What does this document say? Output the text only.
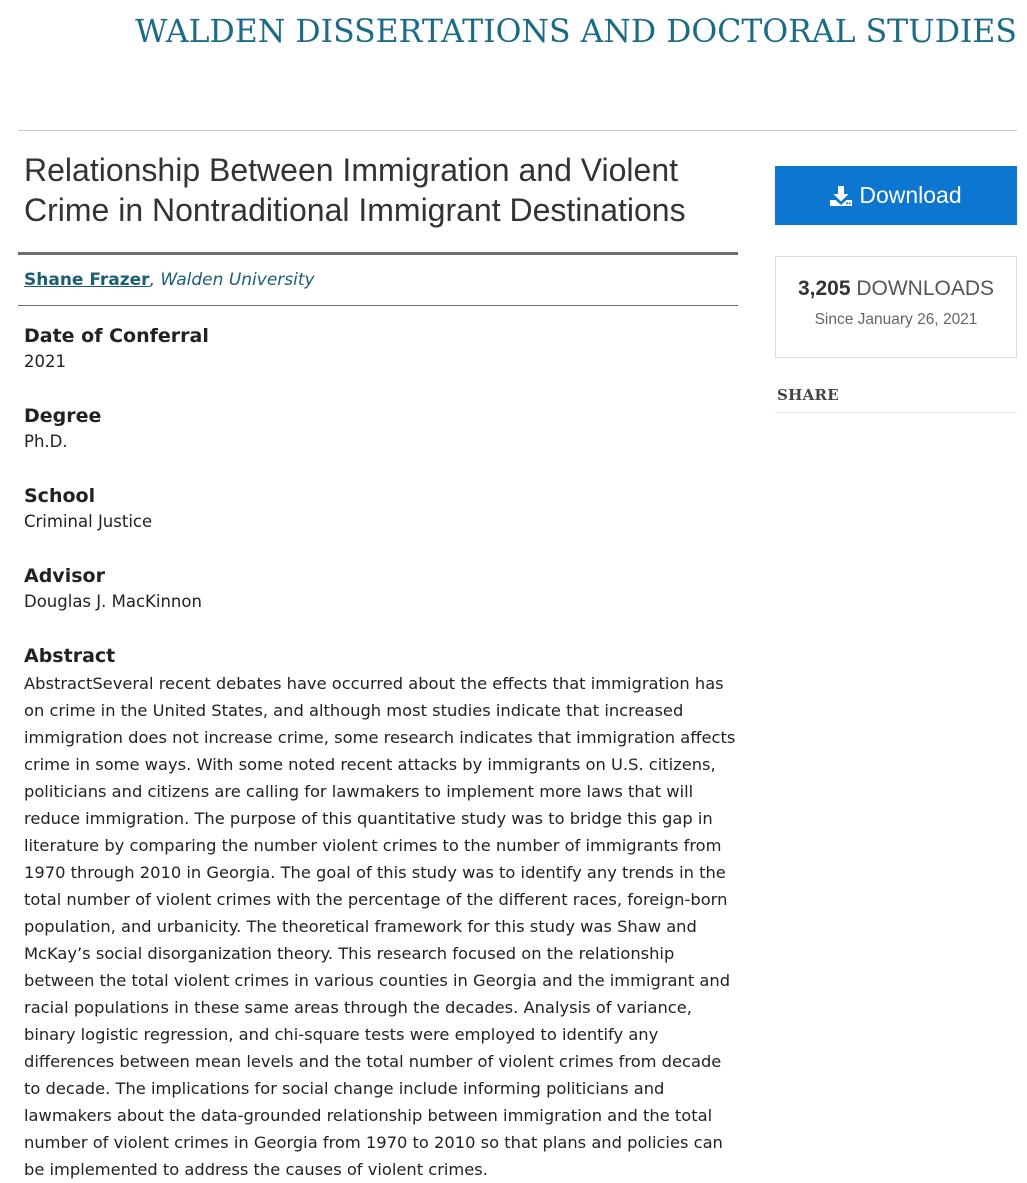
WALDEN DISSERTATIONS AND DOCTORAL STUDIES
Relationship Between Immigration and Violent Crime in Nontraditional Immigrant Destinations
Shane Frazer, Walden University
Date of Conferral

2021

Degree

Ph.D.

School

Criminal Justice

Advisor

Douglas J. MacKinnon

Abstract

AbstractSeveral recent debates have occurred about the effects that immigration has on crime in the United States, and although most studies indicate that increased immigration does not increase crime, some research indicates that immigration affects crime in some ways. With some noted recent attacks by immigrants on U.S. citizens, politicians and citizens are calling for lawmakers to implement more laws that will reduce immigration. The purpose of this quantitative study was to bridge this gap in literature by comparing the number violent crimes to the number of immigrants from 1970 through 2010 in Georgia. The goal of this study was to identify any trends in the total number of violent crimes with the percentage of the different races, foreign-born population, and urbanicity. The theoretical framework for this study was Shaw and McKay’s social disorganization theory. This research focused on the relationship between the total violent crimes in various counties in Georgia and the immigrant and racial populations in these same areas through the decades. Analysis of variance, binary logistic regression, and chi-square tests were employed to identify any differences between mean levels and the total number of violent crimes from decade to decade. The implications for social change include informing politicians and lawmakers about the data-grounded relationship between immigration and the total number of violent crimes in Georgia from 1970 to 2010 so that plans and policies can be implemented to address the causes of violent crimes.

Download
3,205 DOWNLOADS
Since January 26, 2021
SHARE
